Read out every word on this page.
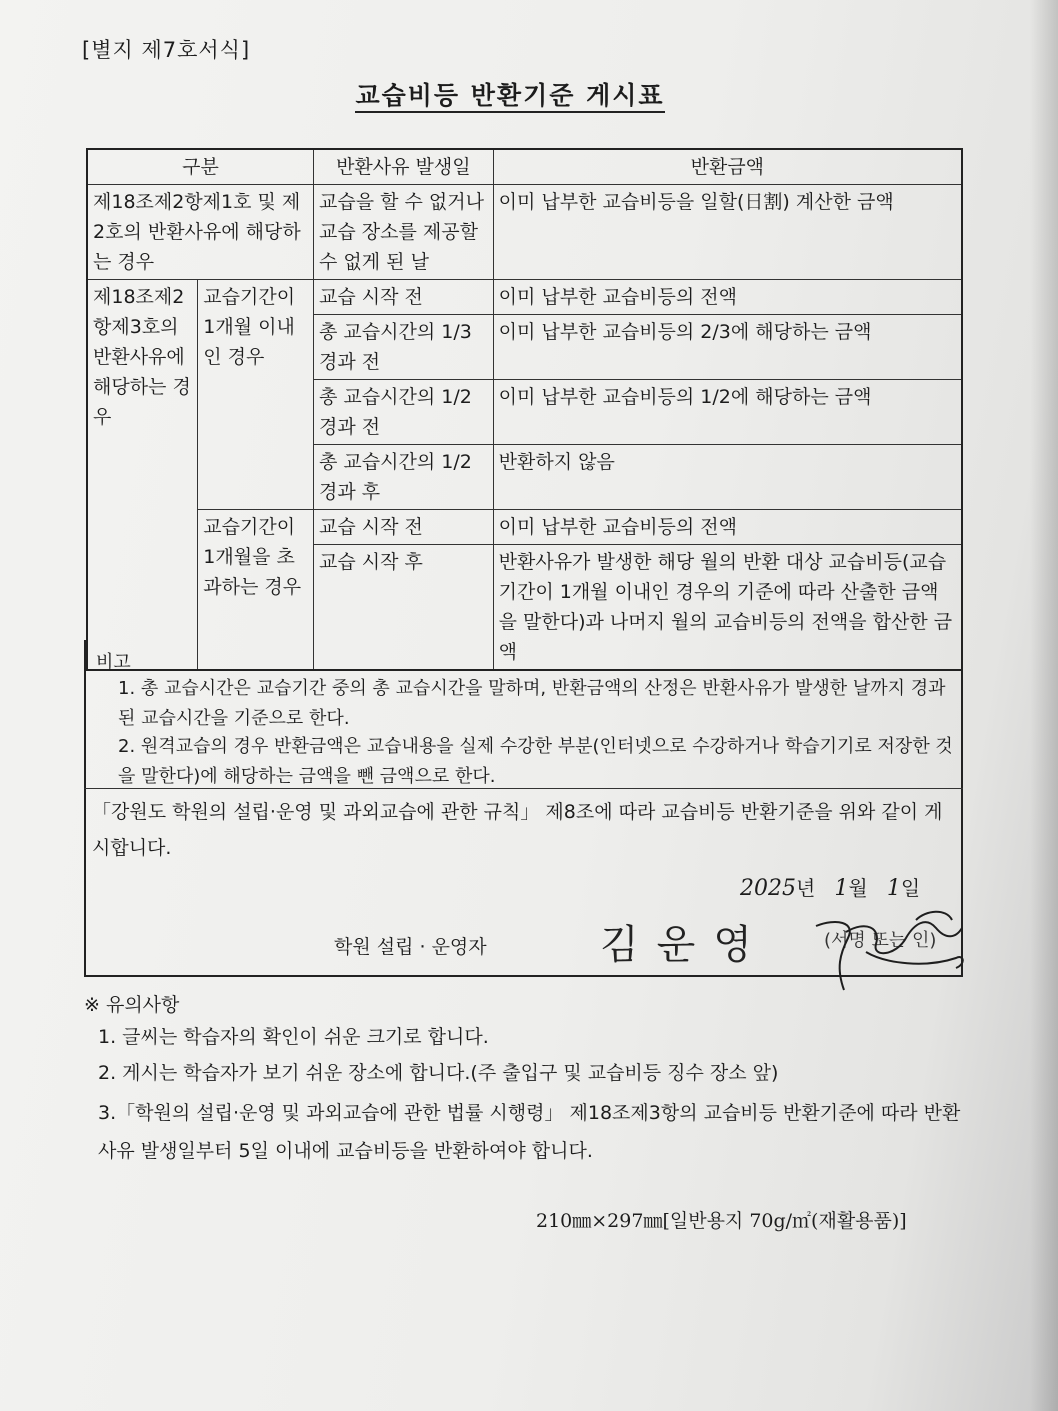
[별지 제7호서식]
교습비등 반환기준 게시표
구분		반환사유 발생일	반환금액
제18조제2항제1호 및 제2호의 반환사유에 해당하는 경우		교습을 할 수 없거나 교습 장소를 제공할 수 없게 된 날	이미 납부한 교습비등을 일할(日割) 계산한 금액
제18조제2항제3호의 반환사유에 해당하는 경우	교습기간이 1개월 이내인 경우	교습 시작 전	이미 납부한 교습비등의 전액
		총 교습시간의 1/3 경과 전	이미 납부한 교습비등의 2/3에 해당하는 금액
		총 교습시간의 1/2 경과 전	이미 납부한 교습비등의 1/2에 해당하는 금액
		총 교습시간의 1/2 경과 후	반환하지 않음
	교습기간이 1개월을 초과하는 경우	교습 시작 전	이미 납부한 교습비등의 전액
		교습 시작 후	반환사유가 발생한 해당 월의 반환 대상 교습비등(교습기간이 1개월 이내인 경우의 기준에 따라 산출한 금액을 말한다)과 나머지 월의 교습비등의 전액을 합산한 금액
비고
1. 총 교습시간은 교습기간 중의 총 교습시간을 말하며, 반환금액의 산정은 반환사유가 발생한 날까지 경과된 교습시간을 기준으로 한다.
2. 원격교습의 경우 반환금액은 교습내용을 실제 수강한 부분(인터넷으로 수강하거나 학습기기로 저장한 것을 말한다)에 해당하는 금액을 뺀 금액으로 한다.
「강원도 학원의 설립·운영 및 과외교습에 관한 규칙」 제8조에 따라 교습비등 반환기준을 위와 같이 게시합니다.
2025년 1월 1일
학원 설립 · 운영자	김운영	(서명 또는 인)
※ 유의사항
1. 글씨는 학습자의 확인이 쉬운 크기로 합니다.
2. 게시는 학습자가 보기 쉬운 장소에 합니다.(주 출입구 및 교습비등 징수 장소 앞)
3.「학원의 설립·운영 및 과외교습에 관한 법률 시행령」 제18조제3항의 교습비등 반환기준에 따라 반환사유 발생일부터 5일 이내에 교습비등을 반환하여야 합니다.
210㎜×297㎜[일반용지 70g/㎡(재활용품)]
